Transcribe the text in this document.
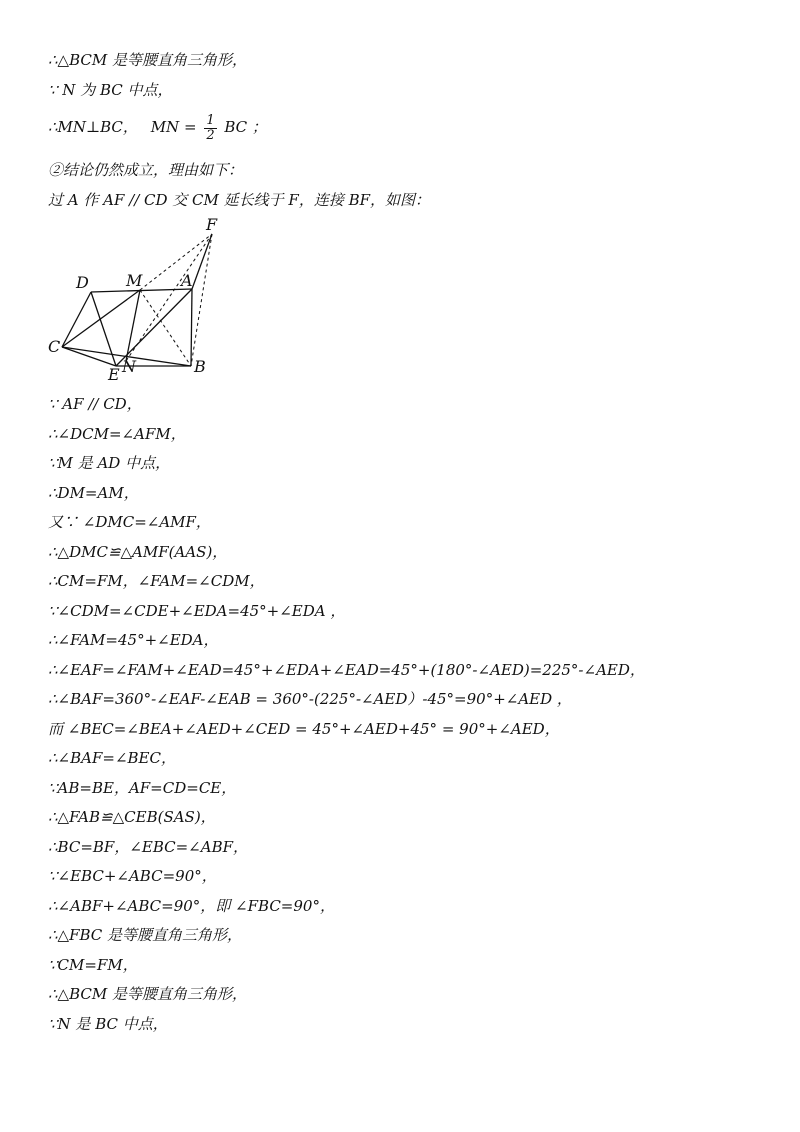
∴△BCM 是等腰直角三角形，
∵ N 为 BC 中点，
∴MN⊥BC， MN = $\frac{1}{2}$ BC ；
②结论仍然成立，理由如下：
过 A 作 AF // CD 交 CM 延长线于 F，连接 BF，如图：
F
D M A
C
E N	B
∵ AF // CD，
∴∠DCM=∠AFM，
∵M 是 AD 中点，
∴DM=AM，
又∵ ∠DMC=∠AMF，
∴△DMC≌△AMF(AAS)，
∴CM=FM，∠FAM=∠CDM，
∵∠CDM=∠CDE+∠EDA=45°+∠EDA ，
∴∠FAM=45°+∠EDA，
∴∠EAF=∠FAM+∠EAD=45°+∠EDA+∠EAD=45°+(180°-∠AED)=225°-∠AED，
∴∠BAF=360°-∠EAF-∠EAB = 360°-(225°-∠AED）-45°=90°+∠AED ，
而 ∠BEC=∠BEA+∠AED+∠CED = 45°+∠AED+45° = 90°+∠AED，
∴∠BAF=∠BEC，
∵AB=BE，AF=CD=CE，
∴△FAB≌△CEB(SAS)，
∴BC=BF，∠EBC=∠ABF，
∵∠EBC+∠ABC=90°，
∴∠ABF+∠ABC=90°，即 ∠FBC=90°，
∴△FBC 是等腰直角三角形，
∵CM=FM，
∴△BCM 是等腰直角三角形，
∵N 是 BC 中点，
